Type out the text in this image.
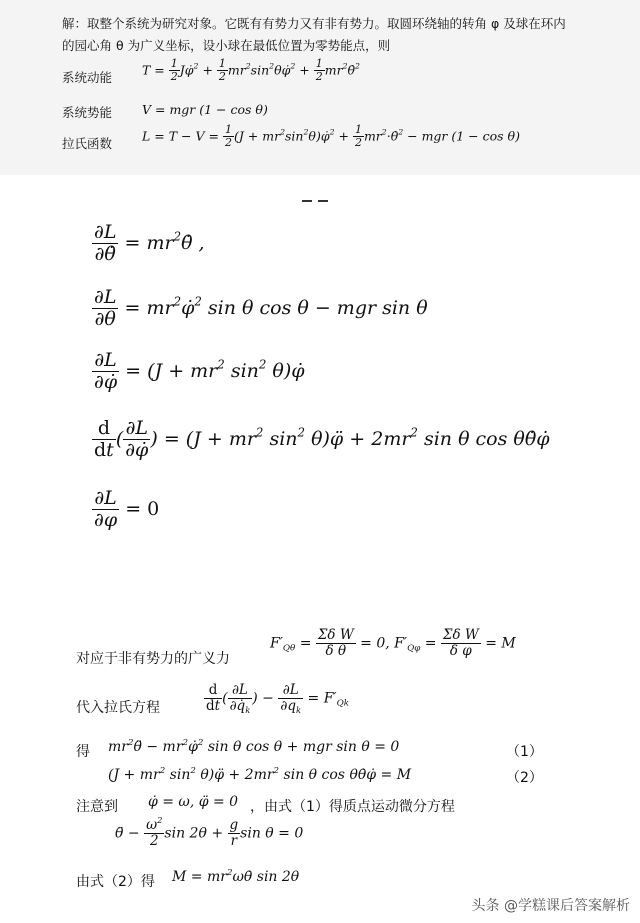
解：取整个系统为研究对象。它既有有势力又有非有势力。取圆环绕轴的转角 φ 及球在环内
的园心角 θ 为广义坐标，设小球在最低位置为零势能点，则
系统动能
$T = \frac{1}{2}$ Jφ̇$^2$ + $\frac{1}{2}$ $mr^2\sin^2\theta\varphi̇^2 + \frac{1}{2}$ $mr^2\thetȧ^2$
系统势能 V = mgr (1 − cos θ)
拉氏函数
$L = T - V = \frac{1}{2} (J$ + $mr^2\sin^2\theta)\varphi̇^2 + \frac{1}{2}$ $mr^2\cdot\thetȧ^2$ − mgr (1 − cos θ)
$\frac{\partial L}{\partial\thetȧ}$ = $mr^2\thetȧ$ ,
$\frac{\partial L}{\partial\theta}$ = $mr^2\varphi̇^2$ sin θ cos θ − mgr sin θ
$\frac{\partial L}{\partial\varphi̇} = (J + mr^2$ $\sin^2$ θ)φ̇
$\frac{d}{dt}$ ( $\frac{\partial L}{\partial\varphi̇}$ ) = ($J + mr^2$ $\sin^2$ θ)φ̈ + $2mr^2$ sin θ cos θθ̇φ̇
$\frac{\partial L}{\partial\varphi} = 0$
对应于非有势力的广义力
$F'_{Q\theta} = \frac{\text{Σδ W}}{\text{δ θ}} = 0$, $F'_{Q\varphi} = \frac{\text{Σδ W}}{\text{δ φ}} = M$
代入拉氏方程	$\frac{d}{dt}$ ( $\frac{\partial L}{\partial q̇_k}$ ) − $\frac{\partial L}{\partial q_k} = F'_{Qk}$
得 $mr^2\thetä$ − $mr^2\varphi̇^2$ sin θ cos θ + mgr sin θ = 0	（1）
($J + mr^2$ $\sin^2$ θ)φ̈ + $2mr^2$ sin θ cos θθ̇φ̇ = M	（2）
注意到 φ̇ = ω, φ̈ = 0 ，由式（1）得质点运动微分方程
θ̈ − $\frac{\omega^2}{2}$ $\sin 2\theta + \frac{g}{r}$ sin θ = 0
由式（2）得 $M = mr^2\omega\thetȧ$ sin 2θ
头条 @学糕课后答案解析
